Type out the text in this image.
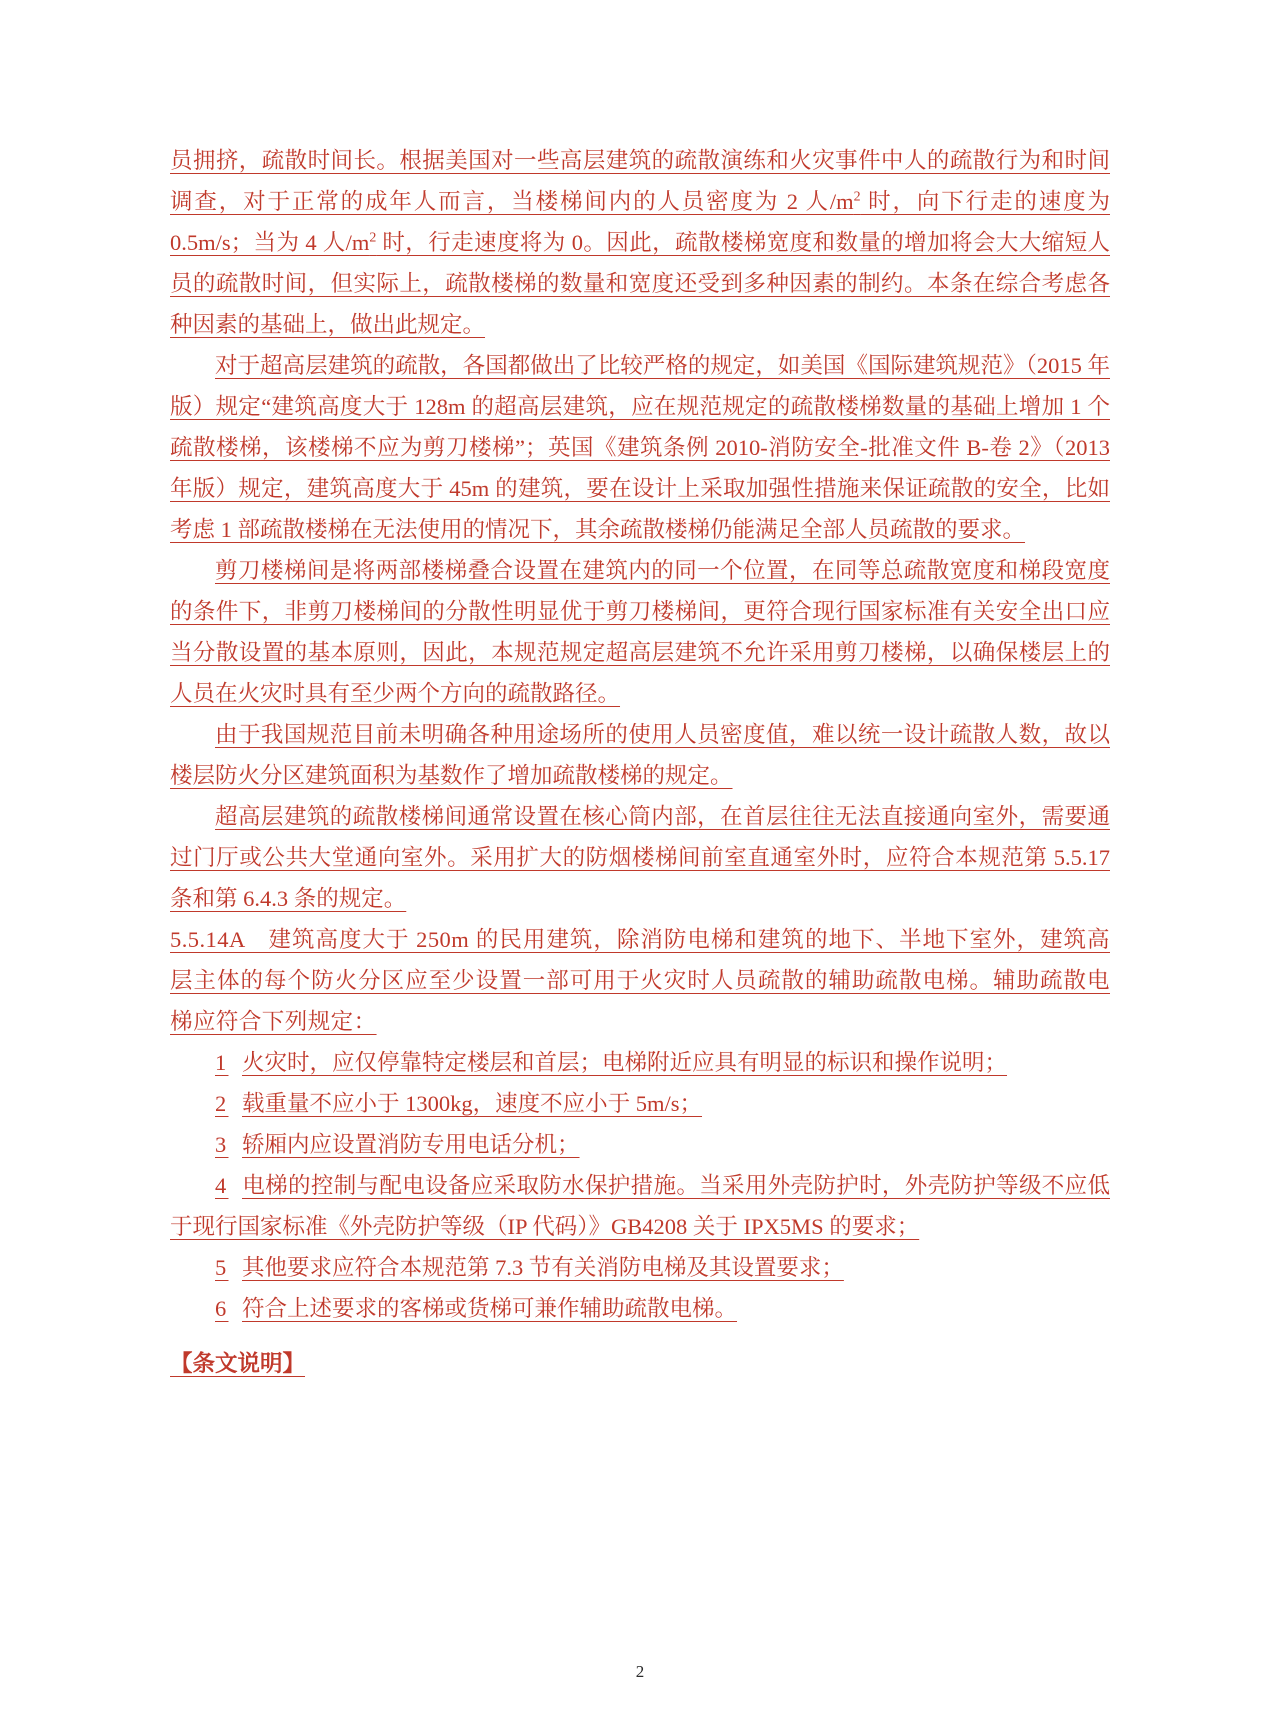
员拥挤，疏散时间长。根据美国对一些高层建筑的疏散演练和火灾事件中人的疏散行为和时间调查，对于正常的成年人而言，当楼梯间内的人员密度为 2 人$/m^2$ 时，向下行走的速度为 0.5m/s；当为 4 人$/m^2$ 时，行走速度将为 0。因此，疏散楼梯宽度和数量的增加将会大大缩短人员的疏散时间，但实际上，疏散楼梯的数量和宽度还受到多种因素的制约。本条在综合考虑各种因素的基础上，做出此规定。

对于超高层建筑的疏散，各国都做出了比较严格的规定，如美国《国际建筑规范》（2015 年版）规定“建筑高度大于 128m 的超高层建筑，应在规范规定的疏散楼梯数量的基础上增加 1 个疏散楼梯，该楼梯不应为剪刀楼梯”；英国《建筑条例 2010-消防安全-批准文件 B-卷 2》（2013 年版）规定，建筑高度大于 45m 的建筑，要在设计上采取加强性措施来保证疏散的安全，比如考虑 1 部疏散楼梯在无法使用的情况下，其余疏散楼梯仍能满足全部人员疏散的要求。

剪刀楼梯间是将两部楼梯叠合设置在建筑内的同一个位置，在同等总疏散宽度和梯段宽度的条件下，非剪刀楼梯间的分散性明显优于剪刀楼梯间，更符合现行国家标准有关安全出口应当分散设置的基本原则，因此，本规范规定超高层建筑不允许采用剪刀楼梯，以确保楼层上的人员在火灾时具有至少两个方向的疏散路径。

由于我国规范目前未明确各种用途场所的使用人员密度值，难以统一设计疏散人数，故以楼层防火分区建筑面积为基数作了增加疏散楼梯的规定。

超高层建筑的疏散楼梯间通常设置在核心筒内部，在首层往往无法直接通向室外，需要通过门厅或公共大堂通向室外。采用扩大的防烟楼梯间前室直通室外时，应符合本规范第 5.5.17 条和第 6.4.3 条的规定。

5.5.14A　建筑高度大于 250m 的民用建筑，除消防电梯和建筑的地下、半地下室外，建筑高层主体的每个防火分区应至少设置一部可用于火灾时人员疏散的辅助疏散电梯。辅助疏散电梯应符合下列规定：

1 火灾时，应仅停靠特定楼层和首层；电梯附近应具有明显的标识和操作说明；

2 载重量不应小于 1300kg，速度不应小于 5m/s；

3 轿厢内应设置消防专用电话分机；

4 电梯的控制与配电设备应采取防水保护措施。当采用外壳防护时，外壳防护等级不应低于现行国家标准《外壳防护等级（IP 代码）》GB4208 关于 IPX5MS 的要求；

5 其他要求应符合本规范第 7.3 节有关消防电梯及其设置要求；

6 符合上述要求的客梯或货梯可兼作辅助疏散电梯。

【条文说明】
2
